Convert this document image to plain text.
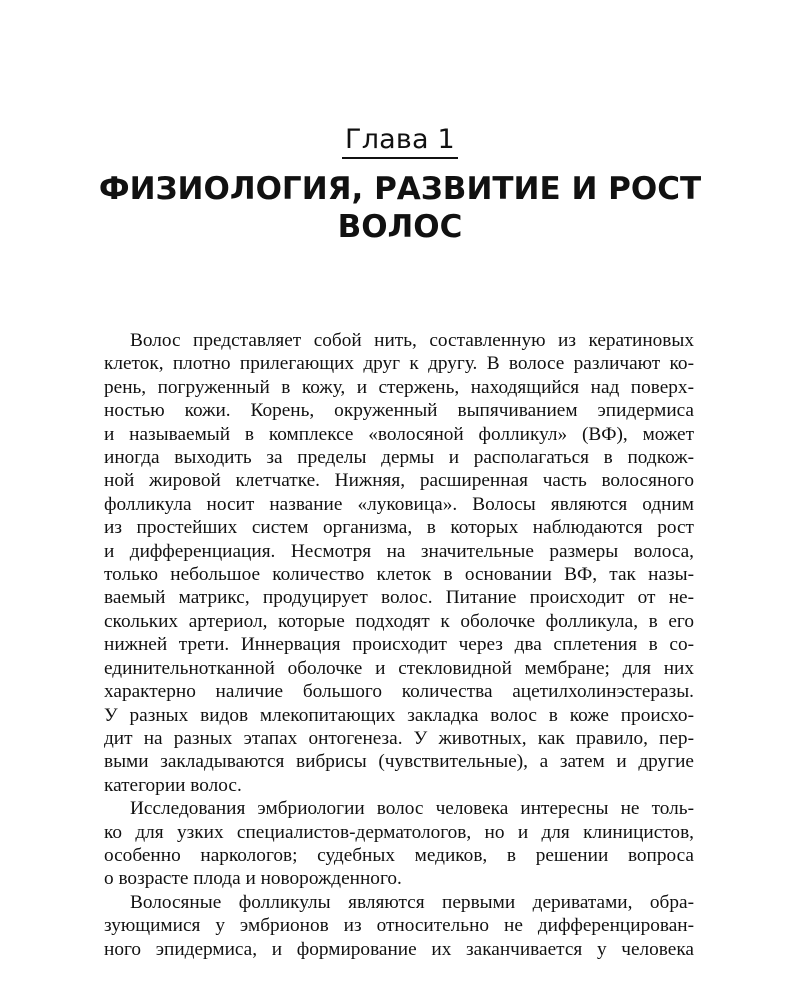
Глава 1
ФИЗИОЛОГИЯ, РАЗВИТИЕ И РОСТ
ВОЛОС
Волос представляет собой нить, составленную из кератиновых
клеток, плотно прилегающих друг к другу. В волосе различают ко-
рень, погруженный в кожу, и стержень, находящийся над поверх-
ностью кожи. Корень, окруженный выпячиванием эпидермиса
и называемый в комплексе «волосяной фолликул» (ВФ), может
иногда выходить за пределы дермы и располагаться в подкож-
ной жировой клетчатке. Нижняя, расширенная часть волосяного
фолликула носит название «луковица». Волосы являются одним
из простейших систем организма, в которых наблюдаются рост
и дифференциация. Несмотря на значительные размеры волоса,
только небольшое количество клеток в основании ВФ, так назы-
ваемый матрикс, продуцирует волос. Питание происходит от не-
скольких артериол, которые подходят к оболочке фолликула, в его
нижней трети. Иннервация происходит через два сплетения в со-
единительнотканной оболочке и стекловидной мембране; для них
характерно наличие большого количества ацетилхолинэстеразы.
У разных видов млекопитающих закладка волос в коже происхо-
дит на разных этапах онтогенеза. У животных, как правило, пер-
выми закладываются вибрисы (чувствительные), а затем и другие
категории волос.
Исследования эмбриологии волос человека интересны не толь-
ко для узких специалистов-дерматологов, но и для клиницистов,
особенно наркологов; судебных медиков, в решении вопроса
о возрасте плода и новорожденного.
Волосяные фолликулы являются первыми дериватами, обра-
зующимися у эмбрионов из относительно не дифференцирован-
ного эпидермиса, и формирование их заканчивается у человека
